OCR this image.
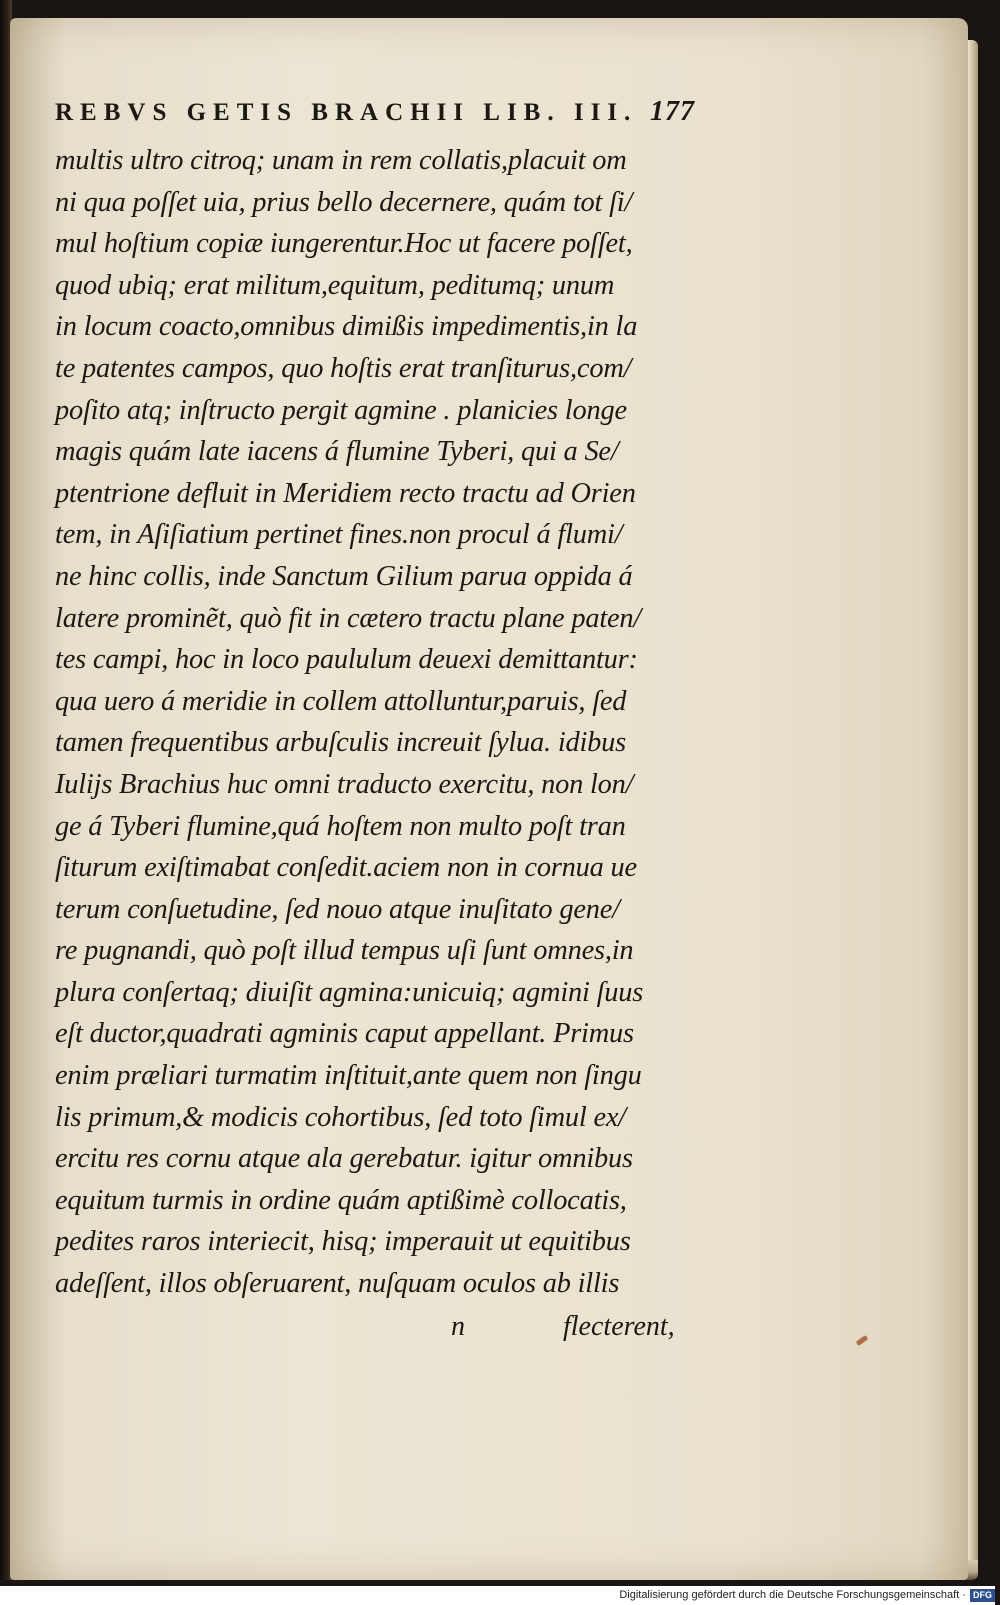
REBVS GETIS BRACHII LIB. III. 177
multis ultro citroq; unam in rem collatis,placuit om
ni qua poſſet uia, prius bello decernere, quám tot ſi/
mul hoſtium copiæ iungerentur.Hoc ut facere poſſet,
quod ubiq; erat militum,equitum, peditumq; unum
in locum coacto,omnibus dimißis impedimentis,in la
te patentes campos, quo hoſtis erat tranſiturus,com/
poſito atq; inſtructo pergit agmine . planicies longe
magis quám late iacens á flumine Tyberi, qui a Se/
ptentrione defluit in Meridiem recto tractu ad Orien
tem, in Aſiſiatium pertinet fines.non procul á flumi/
ne hinc collis, inde Sanctum Gilium parua oppida á
latere prominẽt, quò fit in cætero tractu plane paten/
tes campi, hoc in loco paululum deuexi demittantur:
qua uero á meridie in collem attolluntur,paruis, ſed
tamen frequentibus arbuſculis increuit ſylua. idibus
Iulijs Brachius huc omni traducto exercitu, non lon/
ge á Tyberi flumine,quá hoſtem non multo poſt tran
ſiturum exiſtimabat conſedit.aciem non in cornua ue
terum conſuetudine, ſed nouo atque inuſitato gene/
re pugnandi, quò poſt illud tempus uſi ſunt omnes,in
plura conſertaq; diuiſit agmina:unicuiq; agmini ſuus
eſt ductor,quadrati agminis caput appellant. Primus
enim præliari turmatim inſtituit,ante quem non ſingu
lis primum,& modicis cohortibus, ſed toto ſimul ex/
ercitu res cornu atque ala gerebatur. igitur omnibus
equitum turmis in ordine quám aptißimè collocatis,
pedites raros interiecit, hisq; imperauit ut equitibus
adeſſent, illos obſeruarent, nuſquam oculos ab illis
n	flecterent,
Digitalisierung gefördert durch die Deutsche Forschungsgemeinschaft · DFG
